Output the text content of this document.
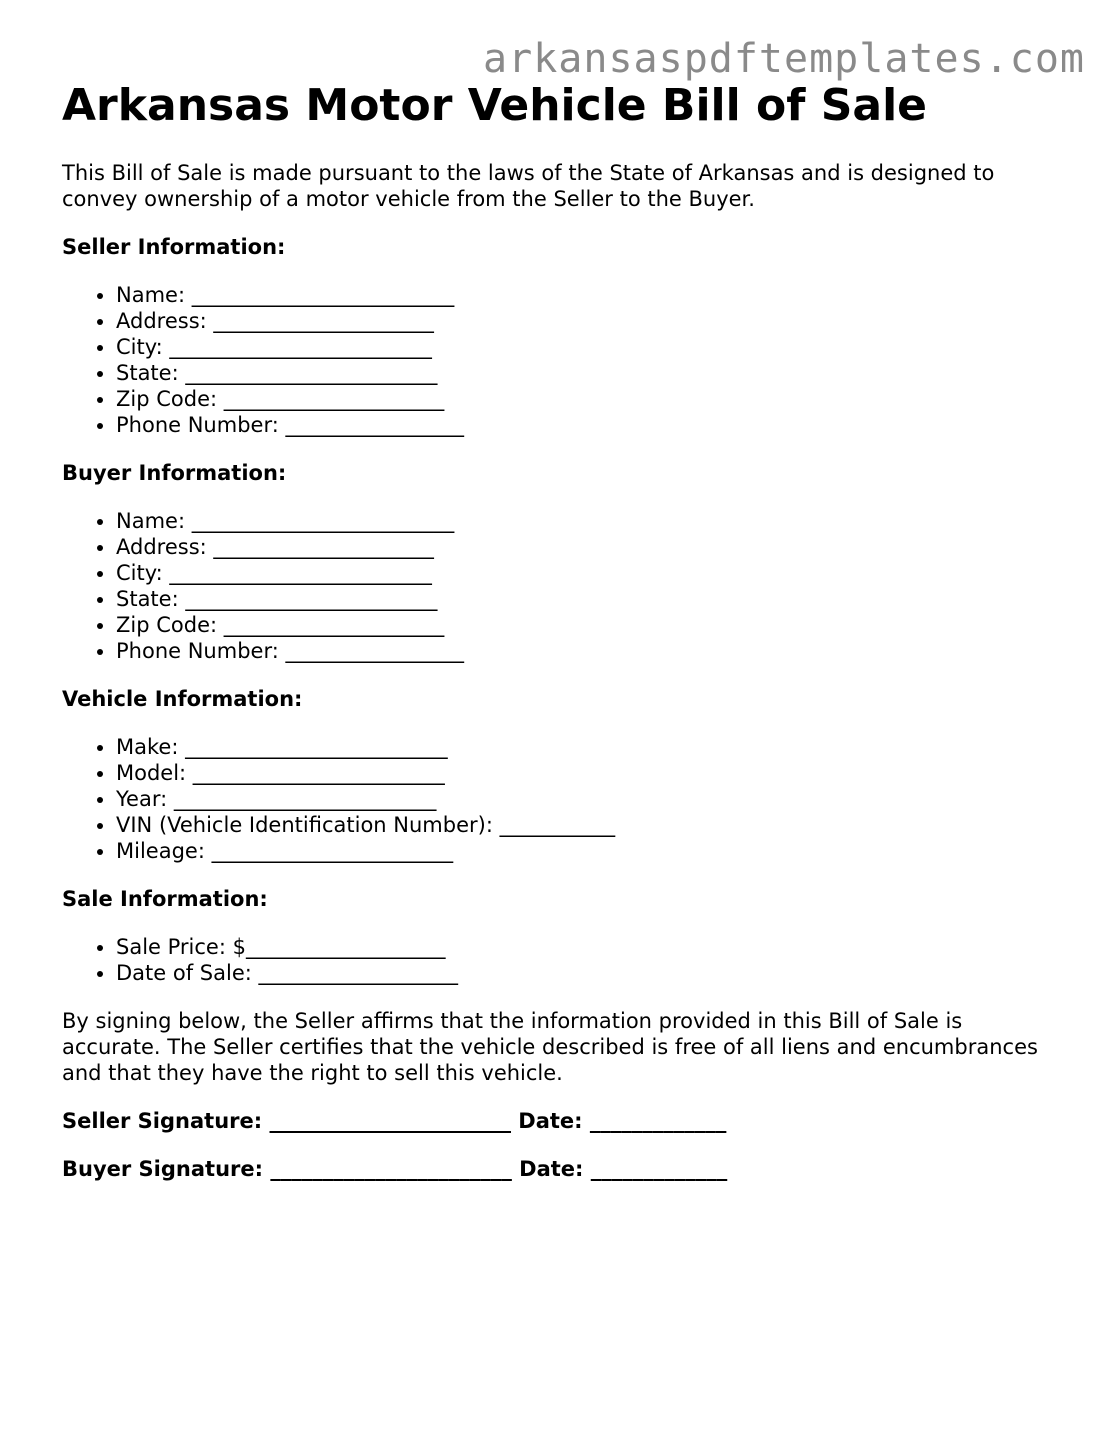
arkansaspdftemplates.com
Arkansas Motor Vehicle Bill of Sale

This Bill of Sale is made pursuant to the laws of the State of Arkansas and is designed to convey ownership of a motor vehicle from the Seller to the Buyer.

Seller Information:
• Name: _________________________
• Address: _____________________
• City: _________________________
• State: ________________________
• Zip Code: _____________________
• Phone Number: _________________
Buyer Information:
• Name: _________________________
• Address: _____________________
• City: _________________________
• State: ________________________
• Zip Code: _____________________
• Phone Number: _________________
Vehicle Information:
• Make: _________________________
• Model: ________________________
• Year: _________________________
• VIN (Vehicle Identification Number): ___________
• Mileage: _______________________
Sale Information:
• Sale Price: $___________________
• Date of Sale: ___________________

By signing below, the Seller affirms that the information provided in this Bill of Sale is accurate. The Seller certifies that the vehicle described is free of all liens and encumbrances and that they have the right to sell this vehicle.

Seller Signature: _______________________ Date: _____________
Buyer Signature: _______________________ Date: _____________
